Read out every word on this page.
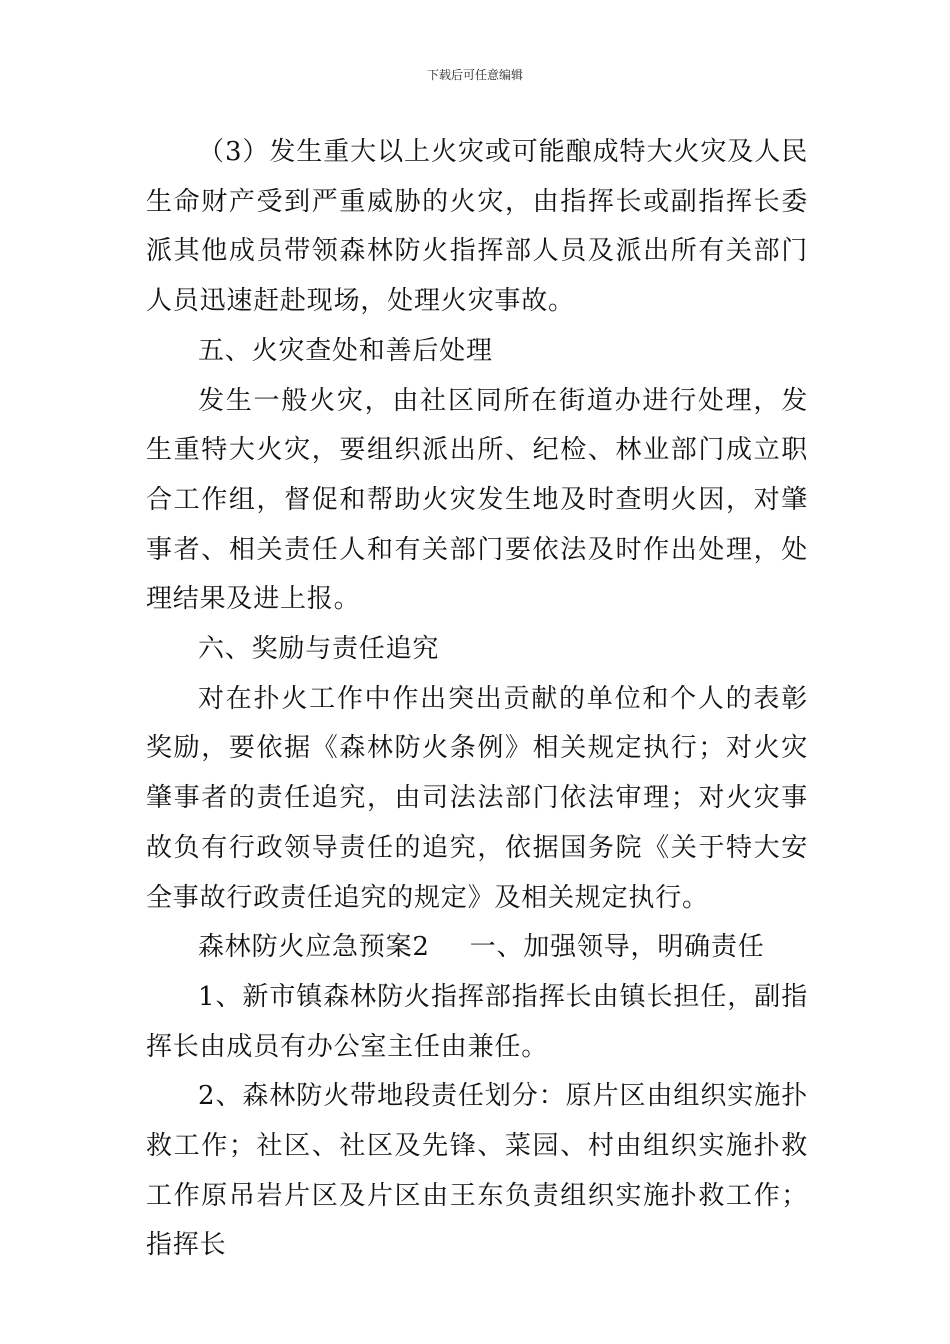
下载后可任意编辑

（3）发生重大以上火灾或可能酿成特大火灾及人民生命财产受到严重威胁的火灾，由指挥长或副指挥长委派其他成员带领森林防火指挥部人员及派出所有关部门人员迅速赶赴现场，处理火灾事故。

五、火灾查处和善后处理

发生一般火灾，由社区同所在街道办进行处理，发生重特大火灾，要组织派出所、纪检、林业部门成立职合工作组，督促和帮助火灾发生地及时查明火因，对肇事者、相关责任人和有关部门要依法及时作出处理，处理结果及进上报。

六、奖励与责任追究

对在扑火工作中作出突出贡献的单位和个人的表彰奖励，要依据《森林防火条例》相关规定执行；对火灾肇事者的责任追究，由司法法部门依法审理；对火灾事故负有行政领导责任的追究，依据国务院《关于特大安全事故行政责任追究的规定》及相关规定执行。

森林防火应急预案2 一、加强领导，明确责任

1、新市镇森林防火指挥部指挥长由镇长担任，副指挥长由成员有办公室主任由兼任。

2、森林防火带地段责任划分：原片区由组织实施扑救工作；社区、社区及先锋、菜园、村由组织实施扑救工作原吊岩片区及片区由王东负责组织实施扑救工作；指挥长
